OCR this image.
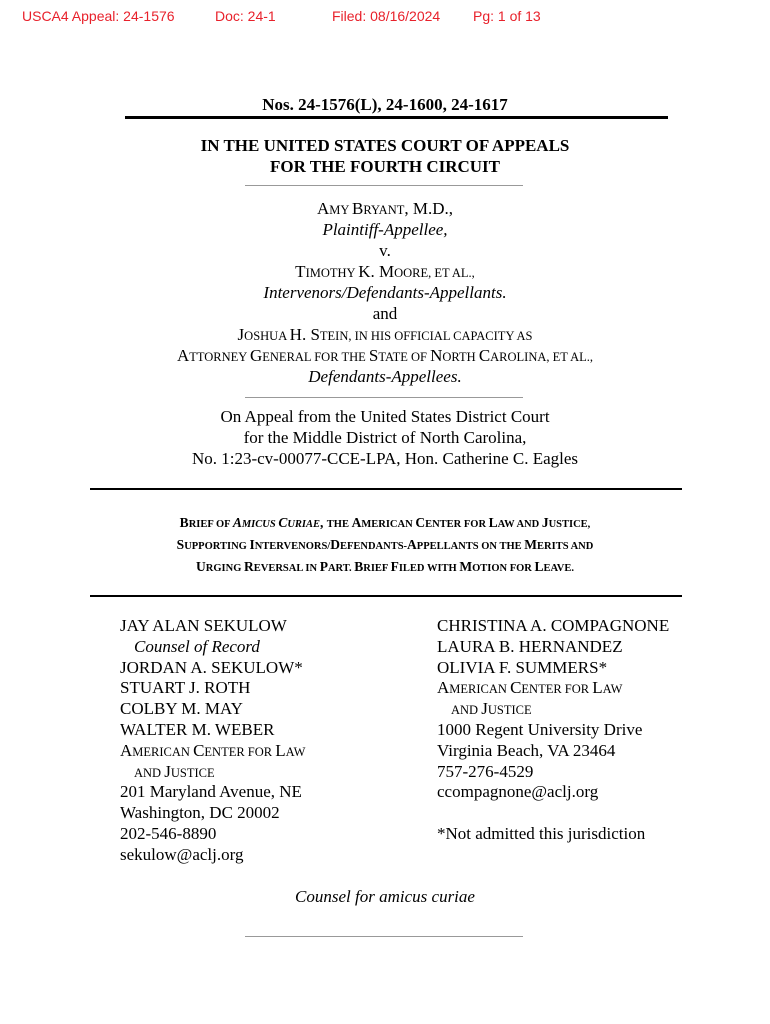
USCA4 Appeal: 24-1576	Doc: 24-1	Filed: 08/16/2024 Pg: 1 of 13
Nos. 24-1576(L), 24-1600, 24-1617
IN THE UNITED STATES COURT OF APPEALS
FOR THE FOURTH CIRCUIT
AMY BRYANT, M.D.,
Plaintiff-Appellee,
v.
TIMOTHY K. MOORE, ET AL.,
Intervenors/Defendants-Appellants.
and
JOSHUA H. STEIN, IN HIS OFFICIAL CAPACITY AS
ATTORNEY GENERAL FOR THE STATE OF NORTH CAROLINA, ET AL.,
Defendants-Appellees.
On Appeal from the United States District Court
for the Middle District of North Carolina,
No. 1:23-cv-00077-CCE-LPA, Hon. Catherine C. Eagles
BRIEF OF AMICUS CURIAE, THE AMERICAN CENTER FOR LAW AND JUSTICE,
SUPPORTING INTERVENORS/DEFENDANTS-APPELLANTS ON THE MERITS AND
URGING REVERSAL IN PART. BRIEF FILED WITH MOTION FOR LEAVE.
JAY ALAN SEKULOW
Counsel of Record
JORDAN A. SEKULOW*
STUART J. ROTH
COLBY M. MAY
WALTER M. WEBER
AMERICAN CENTER FOR LAW
AND JUSTICE
201 Maryland Avenue, NE
Washington, DC 20002
202-546-8890
sekulow@aclj.org
CHRISTINA A. COMPAGNONE
LAURA B. HERNANDEZ
OLIVIA F. SUMMERS*
AMERICAN CENTER FOR LAW
AND JUSTICE
1000 Regent University Drive
Virginia Beach, VA 23464
757-276-4529
ccompagnone@aclj.org
*Not admitted this jurisdiction
Counsel for amicus curiae
